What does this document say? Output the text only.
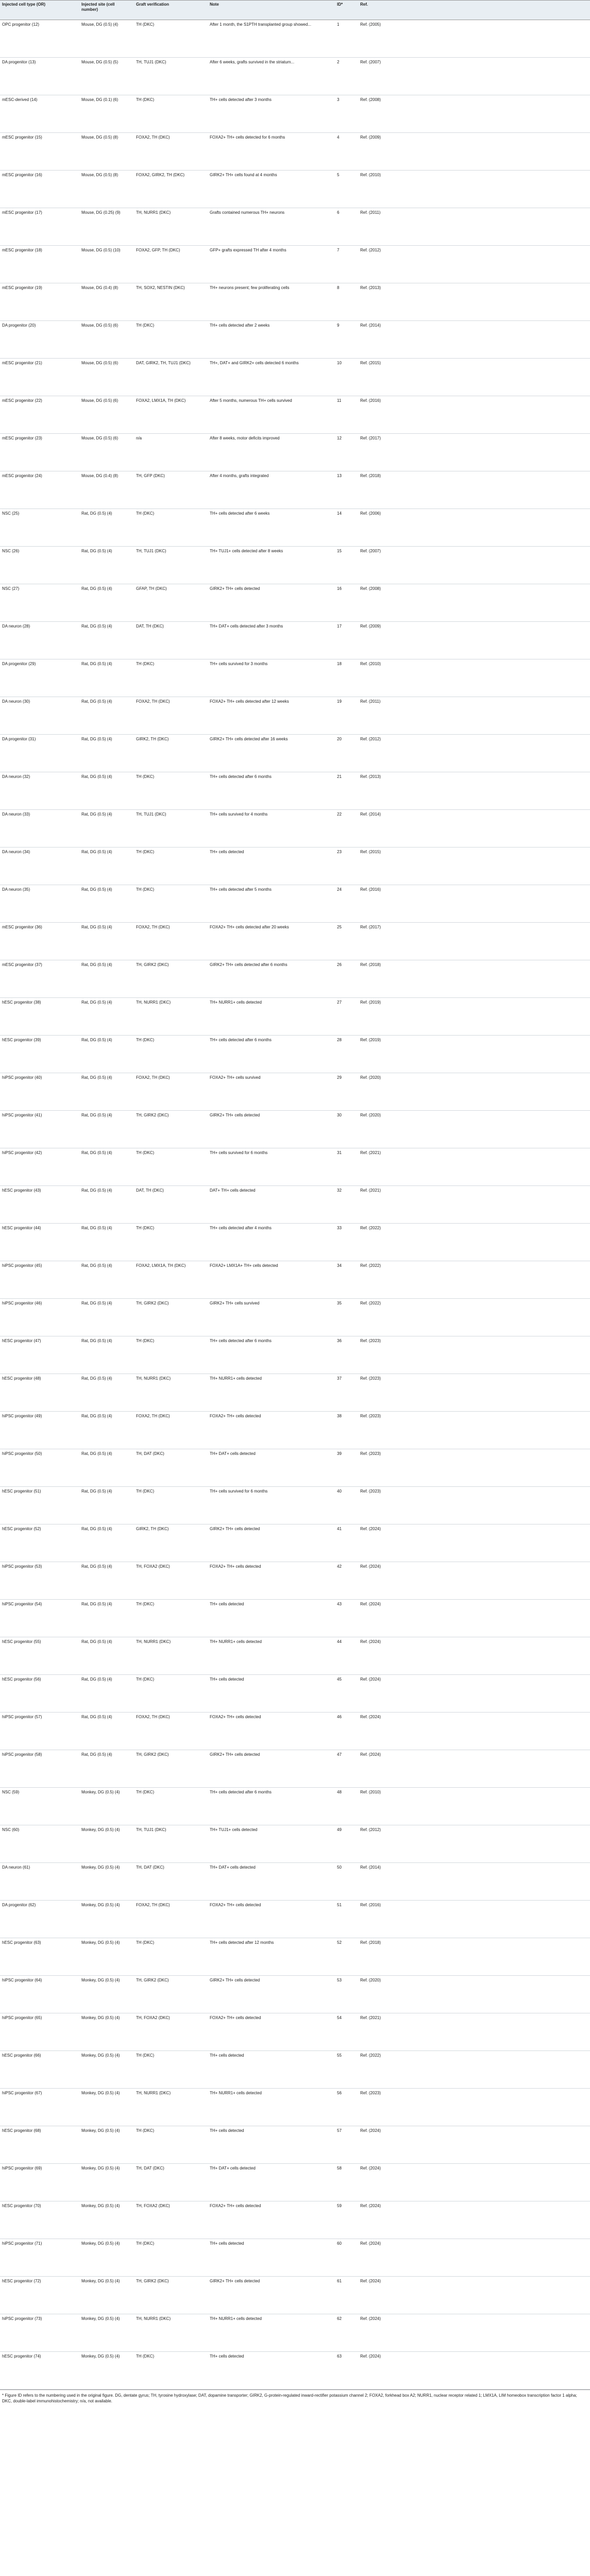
Injected cell type (OR)	Injected site (cell number)	Graft verification	Note	ID*	Ref.	
OPC progenitor (12)	Mouse, DG (0.5) (4)	TH (DKC)	After 1 month, the S1PTH transplanted group showed...	1	Ref. (2005)	
DA progenitor (13)	Mouse, DG (0.5) (5)	TH, TUJ1 (DKC)	After 6 weeks, grafts survived in the striatum...	2	Ref. (2007)	
mESC-derived (14)	Mouse, DG (0.1) (6)	TH (DKC)	TH+ cells detected after 3 months	3	Ref. (2008)	
mESC progenitor (15)	Mouse, DG (0.5) (8)	FOXA2, TH (DKC)	FOXA2+ TH+ cells detected for 6 months	4	Ref. (2009)	
mESC progenitor (16)	Mouse, DG (0.5) (8)	FOXA2, GIRK2, TH (DKC)	GIRK2+ TH+ cells found at 4 months	5	Ref. (2010)	
mESC progenitor (17)	Mouse, DG (0.25) (9)	TH, NURR1 (DKC)	Grafts contained numerous TH+ neurons	6	Ref. (2011)	
mESC progenitor (18)	Mouse, DG (0.5) (10)	FOXA2, GFP, TH (DKC)	GFP+ grafts expressed TH after 4 months	7	Ref. (2012)	
mESC progenitor (19)	Mouse, DG (0.4) (8)	TH, SOX2, NESTIN (DKC)	TH+ neurons present; few proliferating cells	8	Ref. (2013)	
DA progenitor (20)	Mouse, DG (0.5) (6)	TH (DKC)	TH+ cells detected after 2 weeks	9	Ref. (2014)	
mESC progenitor (21)	Mouse, DG (0.5) (6)	DAT, GIRK2, TH, TUJ1 (DKC)	TH+, DAT+ and GIRK2+ cells detected 6 months	10	Ref. (2015)	
mESC progenitor (22)	Mouse, DG (0.5) (6)	FOXA2, LMX1A, TH (DKC)	After 5 months, numerous TH+ cells survived	11	Ref. (2016)	
mESC progenitor (23)	Mouse, DG (0.5) (6)	n/a	After 8 weeks, motor deficits improved	12	Ref. (2017)	
mESC progenitor (24)	Mouse, DG (0.4) (8)	TH, GFP (DKC)	After 4 months, grafts integrated	13	Ref. (2018)	
NSC (25)	Rat, DG (0.5) (4)	TH (DKC)	TH+ cells detected after 6 weeks	14	Ref. (2006)	
NSC (26)	Rat, DG (0.5) (4)	TH, TUJ1 (DKC)	TH+ TUJ1+ cells detected after 8 weeks	15	Ref. (2007)	
NSC (27)	Rat, DG (0.5) (4)	GFAP, TH (DKC)	GIRK2+ TH+ cells detected	16	Ref. (2008)	
DA neuron (28)	Rat, DG (0.5) (4)	DAT, TH (DKC)	TH+ DAT+ cells detected after 3 months	17	Ref. (2009)	
DA progenitor (29)	Rat, DG (0.5) (4)	TH (DKC)	TH+ cells survived for 3 months	18	Ref. (2010)	
DA neuron (30)	Rat, DG (0.5) (4)	FOXA2, TH (DKC)	FOXA2+ TH+ cells detected after 12 weeks	19	Ref. (2011)	
DA progenitor (31)	Rat, DG (0.5) (4)	GIRK2, TH (DKC)	GIRK2+ TH+ cells detected after 16 weeks	20	Ref. (2012)	
DA neuron (32)	Rat, DG (0.5) (4)	TH (DKC)	TH+ cells detected after 6 months	21	Ref. (2013)	
DA neuron (33)	Rat, DG (0.5) (4)	TH, TUJ1 (DKC)	TH+ cells survived for 4 months	22	Ref. (2014)	
DA neuron (34)	Rat, DG (0.5) (4)	TH (DKC)	TH+ cells detected	23	Ref. (2015)	
DA neuron (35)	Rat, DG (0.5) (4)	TH (DKC)	TH+ cells detected after 5 months	24	Ref. (2016)	
mESC progenitor (36)	Rat, DG (0.5) (4)	FOXA2, TH (DKC)	FOXA2+ TH+ cells detected after 20 weeks	25	Ref. (2017)	
mESC progenitor (37)	Rat, DG (0.5) (4)	TH, GIRK2 (DKC)	GIRK2+ TH+ cells detected after 6 months	26	Ref. (2018)	
hESC progenitor (38)	Rat, DG (0.5) (4)	TH, NURR1 (DKC)	TH+ NURR1+ cells detected	27	Ref. (2019)	
hESC progenitor (39)	Rat, DG (0.5) (4)	TH (DKC)	TH+ cells detected after 6 months	28	Ref. (2019)	
hiPSC progenitor (40)	Rat, DG (0.5) (4)	FOXA2, TH (DKC)	FOXA2+ TH+ cells survived	29	Ref. (2020)	
hiPSC progenitor (41)	Rat, DG (0.5) (4)	TH, GIRK2 (DKC)	GIRK2+ TH+ cells detected	30	Ref. (2020)	
hiPSC progenitor (42)	Rat, DG (0.5) (4)	TH (DKC)	TH+ cells survived for 6 months	31	Ref. (2021)	
hESC progenitor (43)	Rat, DG (0.5) (4)	DAT, TH (DKC)	DAT+ TH+ cells detected	32	Ref. (2021)	
hESC progenitor (44)	Rat, DG (0.5) (4)	TH (DKC)	TH+ cells detected after 4 months	33	Ref. (2022)	
hiPSC progenitor (45)	Rat, DG (0.5) (4)	FOXA2, LMX1A, TH (DKC)	FOXA2+ LMX1A+ TH+ cells detected	34	Ref. (2022)	
hiPSC progenitor (46)	Rat, DG (0.5) (4)	TH, GIRK2 (DKC)	GIRK2+ TH+ cells survived	35	Ref. (2022)	
hESC progenitor (47)	Rat, DG (0.5) (4)	TH (DKC)	TH+ cells detected after 6 months	36	Ref. (2023)	
hESC progenitor (48)	Rat, DG (0.5) (4)	TH, NURR1 (DKC)	TH+ NURR1+ cells detected	37	Ref. (2023)	
hiPSC progenitor (49)	Rat, DG (0.5) (4)	FOXA2, TH (DKC)	FOXA2+ TH+ cells detected	38	Ref. (2023)	
hiPSC progenitor (50)	Rat, DG (0.5) (4)	TH, DAT (DKC)	TH+ DAT+ cells detected	39	Ref. (2023)	
hESC progenitor (51)	Rat, DG (0.5) (4)	TH (DKC)	TH+ cells survived for 6 months	40	Ref. (2023)	
hESC progenitor (52)	Rat, DG (0.5) (4)	GIRK2, TH (DKC)	GIRK2+ TH+ cells detected	41	Ref. (2024)	
hiPSC progenitor (53)	Rat, DG (0.5) (4)	TH, FOXA2 (DKC)	FOXA2+ TH+ cells detected	42	Ref. (2024)	
hiPSC progenitor (54)	Rat, DG (0.5) (4)	TH (DKC)	TH+ cells detected	43	Ref. (2024)	
hESC progenitor (55)	Rat, DG (0.5) (4)	TH, NURR1 (DKC)	TH+ NURR1+ cells detected	44	Ref. (2024)	
hESC progenitor (56)	Rat, DG (0.5) (4)	TH (DKC)	TH+ cells detected	45	Ref. (2024)	
hiPSC progenitor (57)	Rat, DG (0.5) (4)	FOXA2, TH (DKC)	FOXA2+ TH+ cells detected	46	Ref. (2024)	
hiPSC progenitor (58)	Rat, DG (0.5) (4)	TH, GIRK2 (DKC)	GIRK2+ TH+ cells detected	47	Ref. (2024)	
NSC (59)	Monkey, DG (0.5) (4)	TH (DKC)	TH+ cells detected after 6 months	48	Ref. (2010)	
NSC (60)	Monkey, DG (0.5) (4)	TH, TUJ1 (DKC)	TH+ TUJ1+ cells detected	49	Ref. (2012)	
DA neuron (61)	Monkey, DG (0.5) (4)	TH, DAT (DKC)	TH+ DAT+ cells detected	50	Ref. (2014)	
DA progenitor (62)	Monkey, DG (0.5) (4)	FOXA2, TH (DKC)	FOXA2+ TH+ cells detected	51	Ref. (2016)	
hESC progenitor (63)	Monkey, DG (0.5) (4)	TH (DKC)	TH+ cells detected after 12 months	52	Ref. (2018)	
hiPSC progenitor (64)	Monkey, DG (0.5) (4)	TH, GIRK2 (DKC)	GIRK2+ TH+ cells detected	53	Ref. (2020)	
hiPSC progenitor (65)	Monkey, DG (0.5) (4)	TH, FOXA2 (DKC)	FOXA2+ TH+ cells detected	54	Ref. (2021)	
hESC progenitor (66)	Monkey, DG (0.5) (4)	TH (DKC)	TH+ cells detected	55	Ref. (2022)	
hiPSC progenitor (67)	Monkey, DG (0.5) (4)	TH, NURR1 (DKC)	TH+ NURR1+ cells detected	56	Ref. (2023)	
hESC progenitor (68)	Monkey, DG (0.5) (4)	TH (DKC)	TH+ cells detected	57	Ref. (2024)	
hiPSC progenitor (69)	Monkey, DG (0.5) (4)	TH, DAT (DKC)	TH+ DAT+ cells detected	58	Ref. (2024)	
hESC progenitor (70)	Monkey, DG (0.5) (4)	TH, FOXA2 (DKC)	FOXA2+ TH+ cells detected	59	Ref. (2024)	
hiPSC progenitor (71)	Monkey, DG (0.5) (4)	TH (DKC)	TH+ cells detected	60	Ref. (2024)	
hESC progenitor (72)	Monkey, DG (0.5) (4)	TH, GIRK2 (DKC)	GIRK2+ TH+ cells detected	61	Ref. (2024)	
hiPSC progenitor (73)	Monkey, DG (0.5) (4)	TH, NURR1 (DKC)	TH+ NURR1+ cells detected	62	Ref. (2024)	
hESC progenitor (74)	Monkey, DG (0.5) (4)	TH (DKC)	TH+ cells detected	63	Ref. (2024)	
* Figure ID refers to the numbering used in the original figure. DG, dentate gyrus; TH, tyrosine hydroxylase; DAT, dopamine transporter; GIRK2, G-protein-regulated inward-rectifier potassium channel 2; FOXA2, forkhead box A2; NURR1, nuclear receptor related 1; LMX1A, LIM homeobox transcription factor 1 alpha; DKC, double-label immunohistochemistry; n/a, not available.
